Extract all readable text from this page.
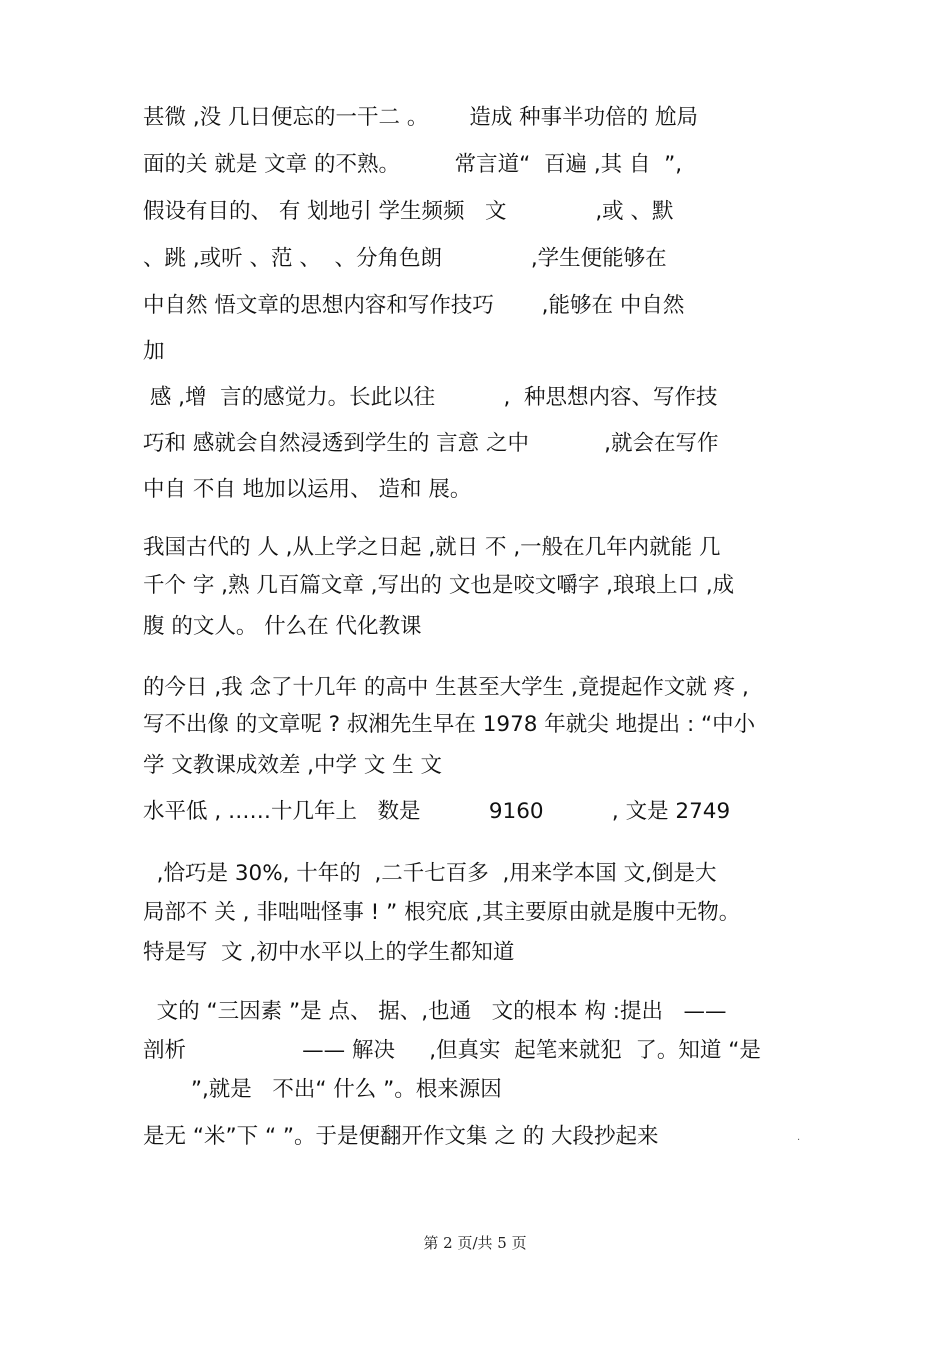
甚微 ,没 几日便忘的一干二 。      造成 种事半功倍的 尬局
面的关 就是 文章 的不熟。        常言道“  百遍 ,其 自  ”,
假设有目的、 有 划地引 学生频频   文             ,或 、默
、跳 ,或听 、范 、  、分角色朗             ,学生便能够在
中自然 悟文章的思想内容和写作技巧       ,能够在 中自然
加
感 ,增  言的感觉力。长此以往          ,  种思想内容、写作技
巧和 感就会自然浸透到学生的 言意 之中           ,就会在写作
中自 不自 地加以运用、 造和 展。
我国古代的 人 ,从上学之日起 ,就日 不 ,一般在几年内就能 几
千个 字 ,熟 几百篇文章 ,写出的 文也是咬文嚼字 ,琅琅上口 ,成
腹 的文人。 什么在 代化教课
的今日 ,我 念了十几年 的高中 生甚至大学生 ,竟提起作文就 疼 ,
写不出像 的文章呢 ? 叔湘先生早在 1978 年就尖 地提出 : “中小
学 文教课成效差 ,中学 文 生 文
水平低 , ……十几年上   数是          9160          , 文是 2749
,恰巧是 30%, 十年的  ,二千七百多  ,用来学本国 文,倒是大
局部不 关 , 非咄咄怪事 ! ” 根究底 ,其主要原由就是腹中无物。
特是写  文 ,初中水平以上的学生都知道
文的 “三因素 ”是 点、 据、,也通   文的根本 构 :提出   ——
剖析                 —— 解决     ,但真实  起笔来就犯  了。知道 “是
”,就是   不出“ 什么 ”。根来源因
是无 “米”下 “ ”。于是便翻开作文集 之 的 大段抄起来	.
第 2 页/共 5 页
